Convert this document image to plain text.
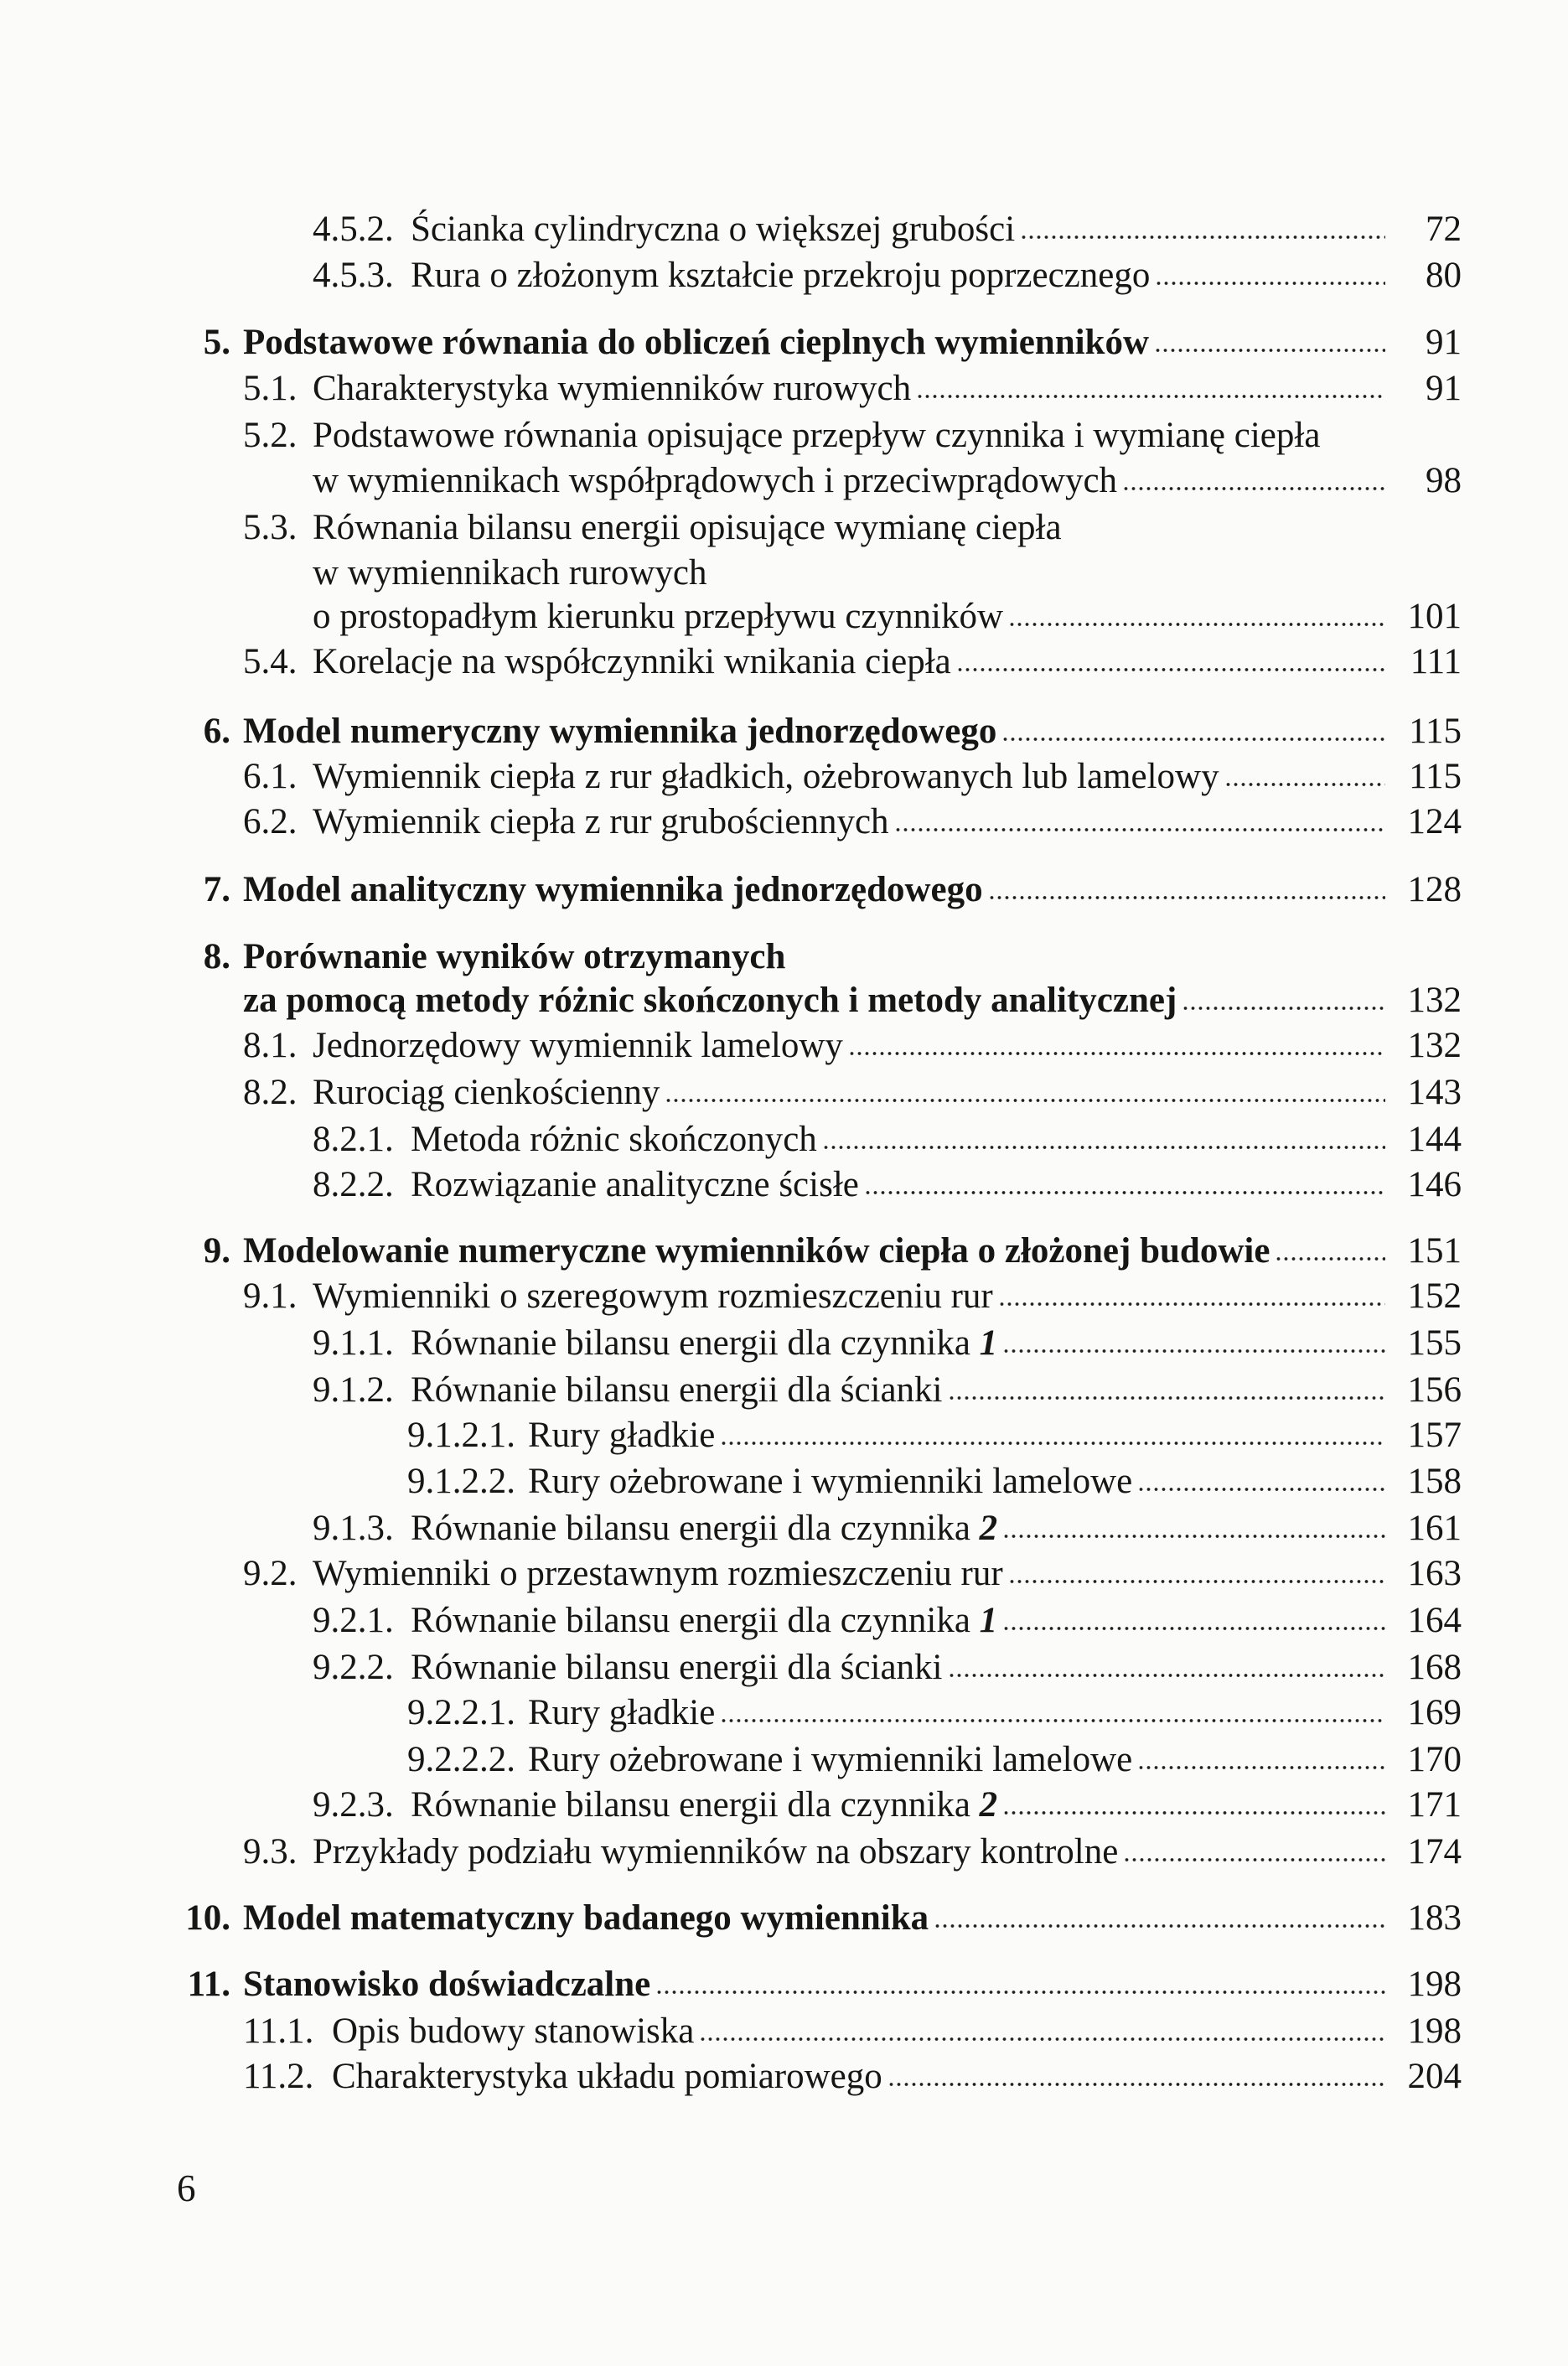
4.5.2. Ścianka cylindryczna o większej grubości	72
4.5.3. Rura o złożonym kształcie przekroju poprzecznego	80
5. Podstawowe równania do obliczeń cieplnych wymienników	91
5.1. Charakterystyka wymienników rurowych	91
5.2. Podstawowe równania opisujące przepływ czynnika i wymianę ciepła
w wymiennikach współprądowych i przeciwprądowych	98
5.3. Równania bilansu energii opisujące wymianę ciepła
w wymiennikach rurowych
o prostopadłym kierunku przepływu czynników	101
5.4. Korelacje na współczynniki wnikania ciepła	111
6. Model numeryczny wymiennika jednorzędowego	115
6.1. Wymiennik ciepła z rur gładkich, ożebrowanych lub lamelowy	115
6.2. Wymiennik ciepła z rur grubościennych	124
7. Model analityczny wymiennika jednorzędowego	128
8. Porównanie wyników otrzymanych
za pomocą metody różnic skończonych i metody analitycznej	132
8.1. Jednorzędowy wymiennik lamelowy	132
8.2. Rurociąg cienkościenny	143
8.2.1. Metoda różnic skończonych	144
8.2.2. Rozwiązanie analityczne ścisłe	146
9. Modelowanie numeryczne wymienników ciepła o złożonej budowie	151
9.1. Wymienniki o szeregowym rozmieszczeniu rur	152
9.1.1. Równanie bilansu energii dla czynnika 1	155
9.1.2. Równanie bilansu energii dla ścianki	156
9.1.2.1. Rury gładkie	157
9.1.2.2. Rury ożebrowane i wymienniki lamelowe	158
9.1.3. Równanie bilansu energii dla czynnika 2	161
9.2. Wymienniki o przestawnym rozmieszczeniu rur	163
9.2.1. Równanie bilansu energii dla czynnika 1	164
9.2.2. Równanie bilansu energii dla ścianki	168
9.2.2.1. Rury gładkie	169
9.2.2.2. Rury ożebrowane i wymienniki lamelowe	170
9.2.3. Równanie bilansu energii dla czynnika 2	171
9.3. Przykłady podziału wymienników na obszary kontrolne	174
10. Model matematyczny badanego wymiennika	183
11. Stanowisko doświadczalne	198
11.1. Opis budowy stanowiska	198
11.2. Charakterystyka układu pomiarowego	204
6
